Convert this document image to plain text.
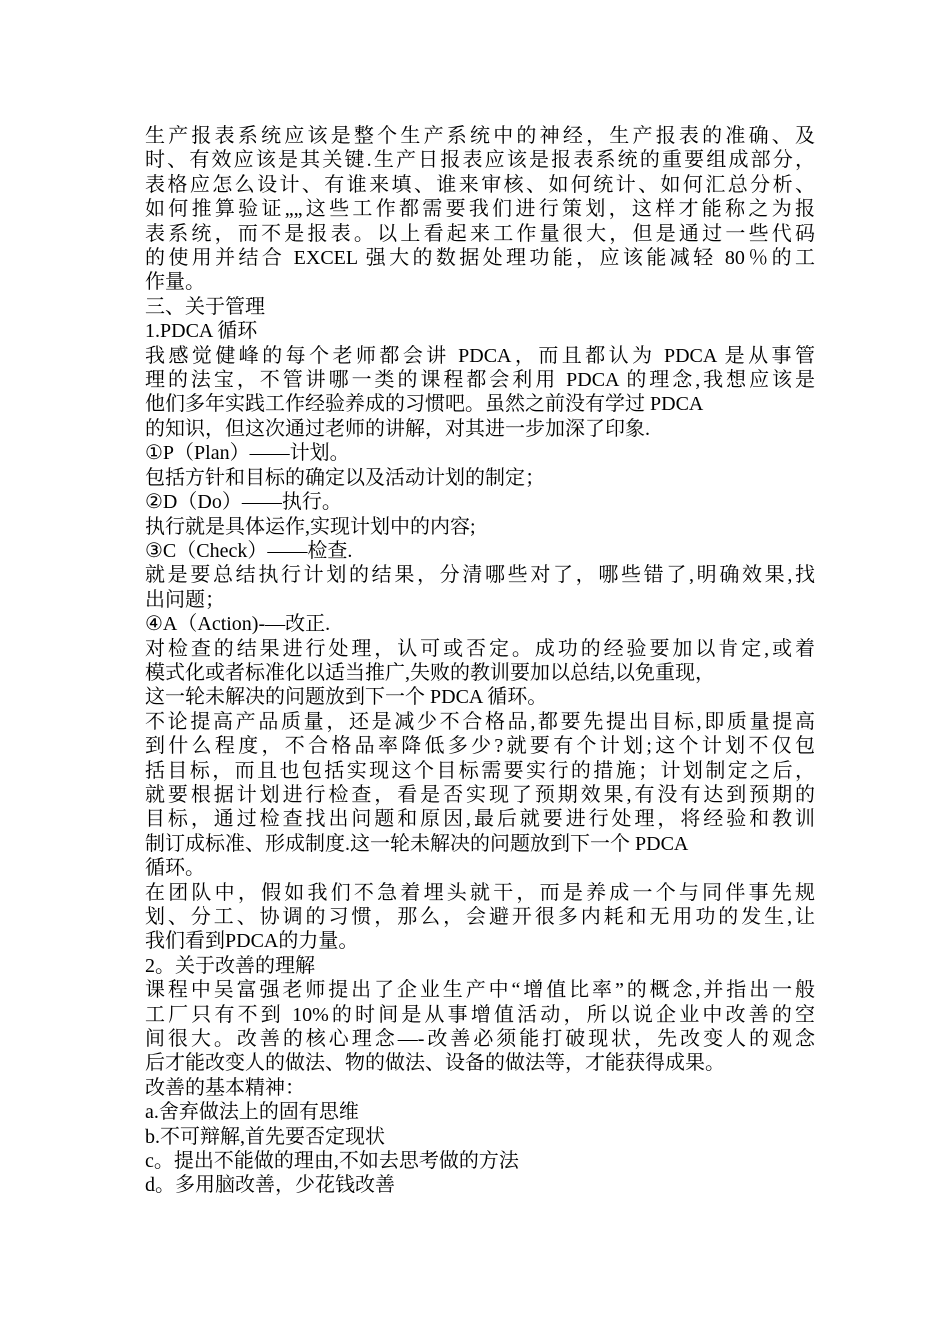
生产报表系统应该是整个生产系统中的神经，生产报表的准确、及
时、有效应该是其关键.生产日报表应该是报表系统的重要组成部分，
表格应怎么设计、有谁来填、谁来审核、如何统计、如何汇总分析、
如何推算验证„„这些工作都需要我们进行策划，这样才能称之为报
表系统，而不是报表。以上看起来工作量很大，但是通过一些代码
的使用并结合 EXCEL 强大的数据处理功能，应该能减轻 80％的工
作量。
三、关于管理
1.PDCA 循环
我感觉健峰的每个老师都会讲 PDCA，而且都认为 PDCA 是从事管
理的法宝，不管讲哪一类的课程都会利用 PDCA 的理念,我想应该是
他们多年实践工作经验养成的习惯吧。虽然之前没有学过 PDCA
的知识，但这次通过老师的讲解，对其进一步加深了印象.
①P（Plan）——计划。
包括方针和目标的确定以及活动计划的制定；
②D（Do）——执行。
执行就是具体运作,实现计划中的内容;
③C（Check）——检查.
就是要总结执行计划的结果，分清哪些对了，哪些错了,明确效果,找
出问题；
④A（Action)-—改正.
对检查的结果进行处理，认可或否定。成功的经验要加以肯定,或着
模式化或者标准化以适当推广,失败的教训要加以总结,以免重现，
这一轮未解决的问题放到下一个 PDCA 循环。
不论提高产品质量，还是减少不合格品,都要先提出目标,即质量提高
到什么程度，不合格品率降低多少?就要有个计划;这个计划不仅包
括目标，而且也包括实现这个目标需要实行的措施；计划制定之后，
就要根据计划进行检查，看是否实现了预期效果,有没有达到预期的
目标，通过检查找出问题和原因,最后就要进行处理，将经验和教训
制订成标准、形成制度.这一轮未解决的问题放到下一个 PDCA
循环。
在团队中，假如我们不急着埋头就干，而是养成一个与同伴事先规
划、分工、协调的习惯，那么，会避开很多内耗和无用功的发生,让
我们看到PDCA的力量。
2。关于改善的理解
课程中吴富强老师提出了企业生产中“增值比率”的概念,并指出一般
工厂只有不到 10%的时间是从事增值活动，所以说企业中改善的空
间很大。改善的核心理念—-改善必须能打破现状，先改变人的观念
后才能改变人的做法、物的做法、设备的做法等，才能获得成果。
改善的基本精神：
a.舍弃做法上的固有思维
b.不可辩解,首先要否定现状
c。提出不能做的理由,不如去思考做的方法
d。多用脑改善，少花钱改善
